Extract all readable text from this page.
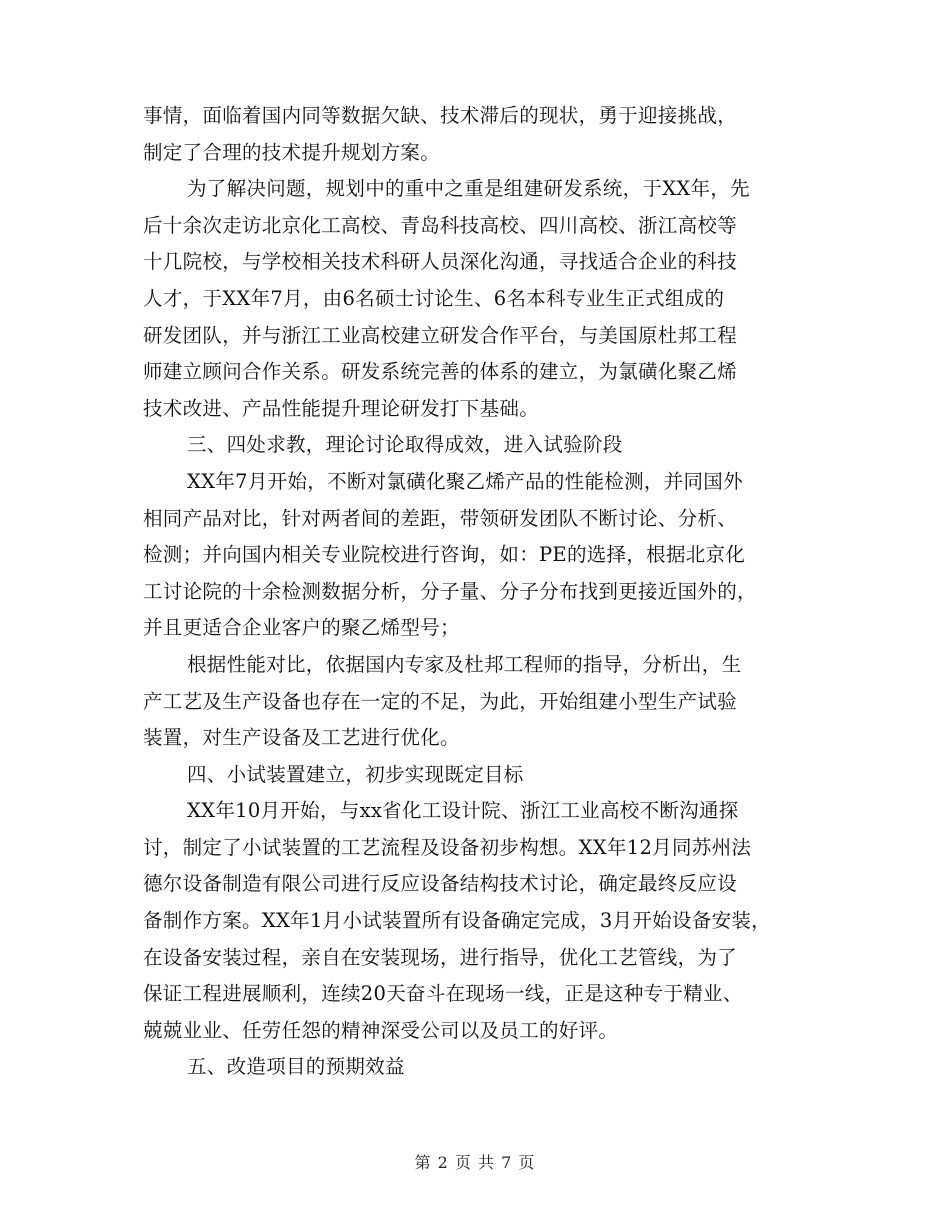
事情，面临着国内同等数据欠缺、技术滞后的现状，勇于迎接挑战，
制定了合理的技术提升规划方案。
为了解决问题，规划中的重中之重是组建研发系统，于XX年，先
后十余次走访北京化工高校、青岛科技高校、四川高校、浙江高校等
十几院校，与学校相关技术科研人员深化沟通，寻找适合企业的科技
人才，于XX年7月，由6名硕士讨论生、6名本科专业生正式组成的
研发团队，并与浙江工业高校建立研发合作平台，与美国原杜邦工程
师建立顾问合作关系。研发系统完善的体系的建立，为氯磺化聚乙烯
技术改进、产品性能提升理论研发打下基础。
三、四处求教，理论讨论取得成效，进入试验阶段
XX年7月开始，不断对氯磺化聚乙烯产品的性能检测，并同国外
相同产品对比，针对两者间的差距，带领研发团队不断讨论、分析、
检测；并向国内相关专业院校进行咨询，如：PE的选择，根据北京化
工讨论院的十余检测数据分析，分子量、分子分布找到更接近国外的，
并且更适合企业客户的聚乙烯型号；
根据性能对比，依据国内专家及杜邦工程师的指导，分析出，生
产工艺及生产设备也存在一定的不足，为此，开始组建小型生产试验
装置，对生产设备及工艺进行优化。
四、小试装置建立，初步实现既定目标
XX年10月开始，与xx省化工设计院、浙江工业高校不断沟通探
讨，制定了小试装置的工艺流程及设备初步构想。XX年12月同苏州法
德尔设备制造有限公司进行反应设备结构技术讨论，确定最终反应设
备制作方案。XX年1月小试装置所有设备确定完成，3月开始设备安装，
在设备安装过程，亲自在安装现场，进行指导，优化工艺管线，为了
保证工程进展顺利，连续20天奋斗在现场一线，正是这种专于精业、
兢兢业业、任劳任怨的精神深受公司以及员工的好评。
五、改造项目的预期效益
第 2 页 共 7 页
